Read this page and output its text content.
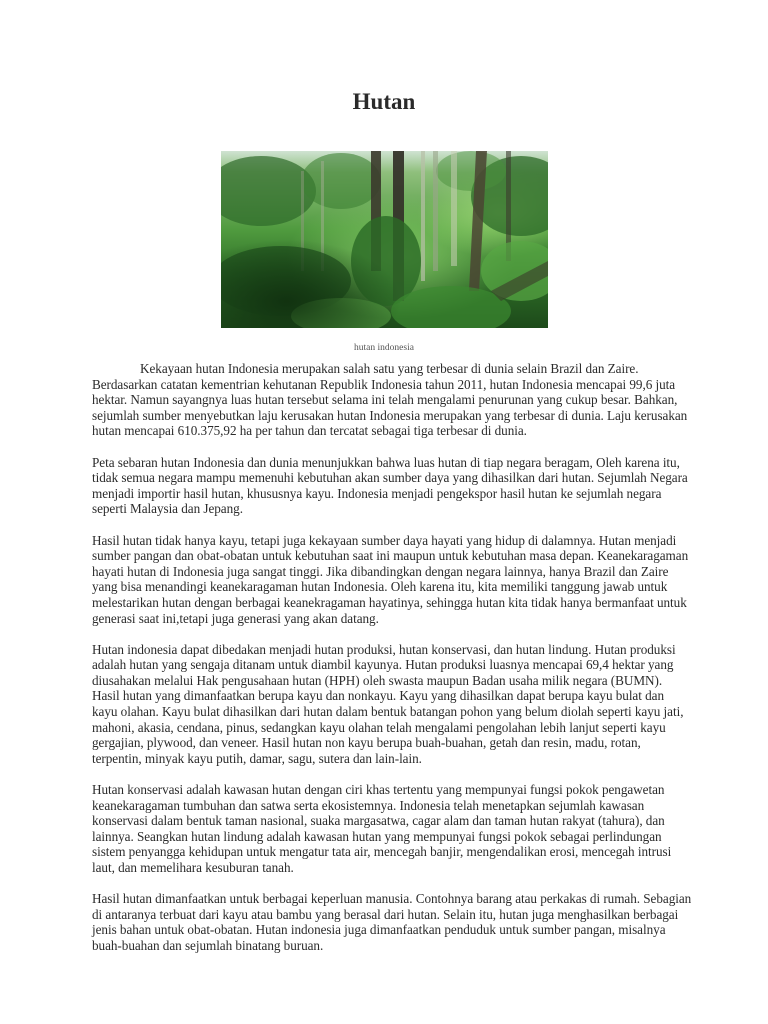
Hutan
hutan indonesia

Kekayaan hutan Indonesia merupakan salah satu yang terbesar di dunia selain Brazil dan Zaire. Berdasarkan catatan kementrian kehutanan Republik Indonesia tahun 2011, hutan Indonesia mencapai 99,6 juta hektar. Namun sayangnya luas hutan tersebut selama ini telah mengalami penurunan yang cukup besar. Bahkan, sejumlah sumber menyebutkan laju kerusakan hutan Indonesia merupakan yang terbesar di dunia. Laju kerusakan hutan mencapai 610.375,92 ha per tahun dan tercatat sebagai tiga terbesar di dunia.

Peta sebaran hutan Indonesia dan dunia menunjukkan bahwa luas hutan di tiap negara beragam, Oleh karena itu, tidak semua negara mampu memenuhi kebutuhan akan sumber daya yang dihasilkan dari hutan. Sejumlah Negara menjadi importir hasil hutan, khususnya kayu. Indonesia menjadi pengekspor hasil hutan ke sejumlah negara seperti Malaysia dan Jepang.

Hasil hutan tidak hanya kayu, tetapi juga kekayaan sumber daya hayati yang hidup di dalamnya. Hutan menjadi sumber pangan dan obat-obatan untuk kebutuhan saat ini maupun untuk kebutuhan masa depan. Keanekaragaman hayati hutan di Indonesia juga sangat tinggi. Jika dibandingkan dengan negara lainnya, hanya Brazil dan Zaire yang bisa menandingi keanekaragaman hutan Indonesia. Oleh karena itu, kita memiliki tanggung jawab untuk melestarikan hutan dengan berbagai keanekragaman hayatinya, sehingga hutan kita tidak hanya bermanfaat untuk generasi saat ini,tetapi juga generasi yang akan datang.

Hutan indonesia dapat dibedakan menjadi hutan produksi, hutan konservasi, dan hutan lindung. Hutan produksi adalah hutan yang sengaja ditanam untuk diambil kayunya. Hutan produksi luasnya mencapai 69,4 hektar yang diusahakan melalui Hak pengusahaan hutan (HPH) oleh swasta maupun Badan usaha milik negara (BUMN). Hasil hutan yang dimanfaatkan berupa kayu dan nonkayu. Kayu yang dihasilkan dapat berupa kayu bulat dan kayu olahan. Kayu bulat dihasilkan dari hutan dalam bentuk batangan pohon yang belum diolah seperti kayu jati, mahoni, akasia, cendana, pinus, sedangkan kayu olahan telah mengalami pengolahan lebih lanjut seperti kayu gergajian, plywood, dan veneer. Hasil hutan non kayu berupa buah-buahan, getah dan resin, madu, rotan, terpentin, minyak kayu putih, damar, sagu, sutera dan lain-lain.

Hutan konservasi adalah kawasan hutan dengan ciri khas tertentu yang mempunyai fungsi pokok pengawetan keanekaragaman tumbuhan dan satwa serta ekosistemnya. Indonesia telah menetapkan sejumlah kawasan konservasi dalam bentuk taman nasional, suaka margasatwa, cagar alam dan taman hutan rakyat (tahura), dan lainnya. Seangkan hutan lindung adalah kawasan hutan yang mempunyai fungsi pokok sebagai perlindungan sistem penyangga kehidupan untuk mengatur tata air, mencegah banjir, mengendalikan erosi, mencegah intrusi laut, dan memelihara kesuburan tanah.

Hasil hutan dimanfaatkan untuk berbagai keperluan manusia. Contohnya barang atau perkakas di rumah. Sebagian di antaranya terbuat dari kayu atau bambu yang berasal dari hutan. Selain itu, hutan juga menghasilkan berbagai jenis bahan untuk obat-obatan. Hutan indonesia juga dimanfaatkan penduduk untuk sumber pangan, misalnya buah-buahan dan sejumlah binatang buruan.
